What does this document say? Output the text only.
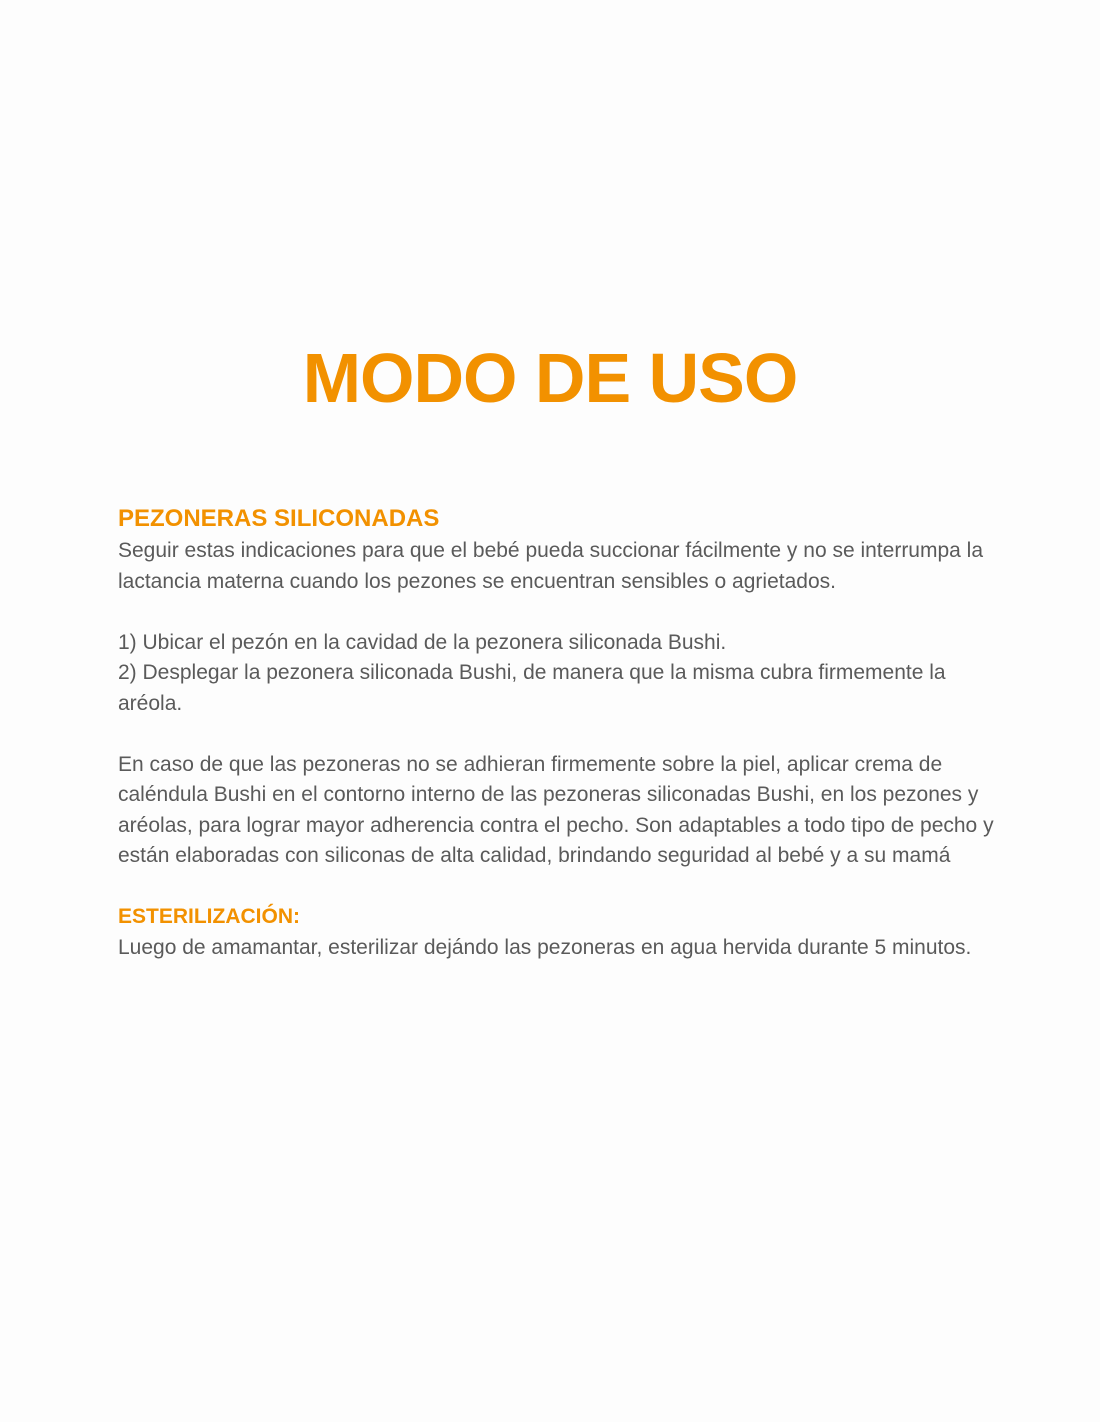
MODO DE USO
PEZONERAS SILICONADAS

Seguir estas indicaciones para que el bebé pueda succionar fácilmente y no se interrumpa la lactancia materna cuando los pezones se encuentran sensibles o agrietados.

1) Ubicar el pezón en la cavidad de la pezonera siliconada Bushi.

2) Desplegar la pezonera siliconada Bushi, de manera que la misma cubra firmemente la aréola.

En caso de que las pezoneras no se adhieran firmemente sobre la piel, aplicar crema de caléndula Bushi en el contorno interno de las pezoneras siliconadas Bushi, en los pezones y aréolas, para lograr mayor adherencia contra el pecho. Son adaptables a todo tipo de pecho y están elaboradas con siliconas de alta calidad, brindando seguridad al bebé y a su mamá

ESTERILIZACIÓN:

Luego de amamantar, esterilizar dejándo las pezoneras en agua hervida durante 5 minutos.
